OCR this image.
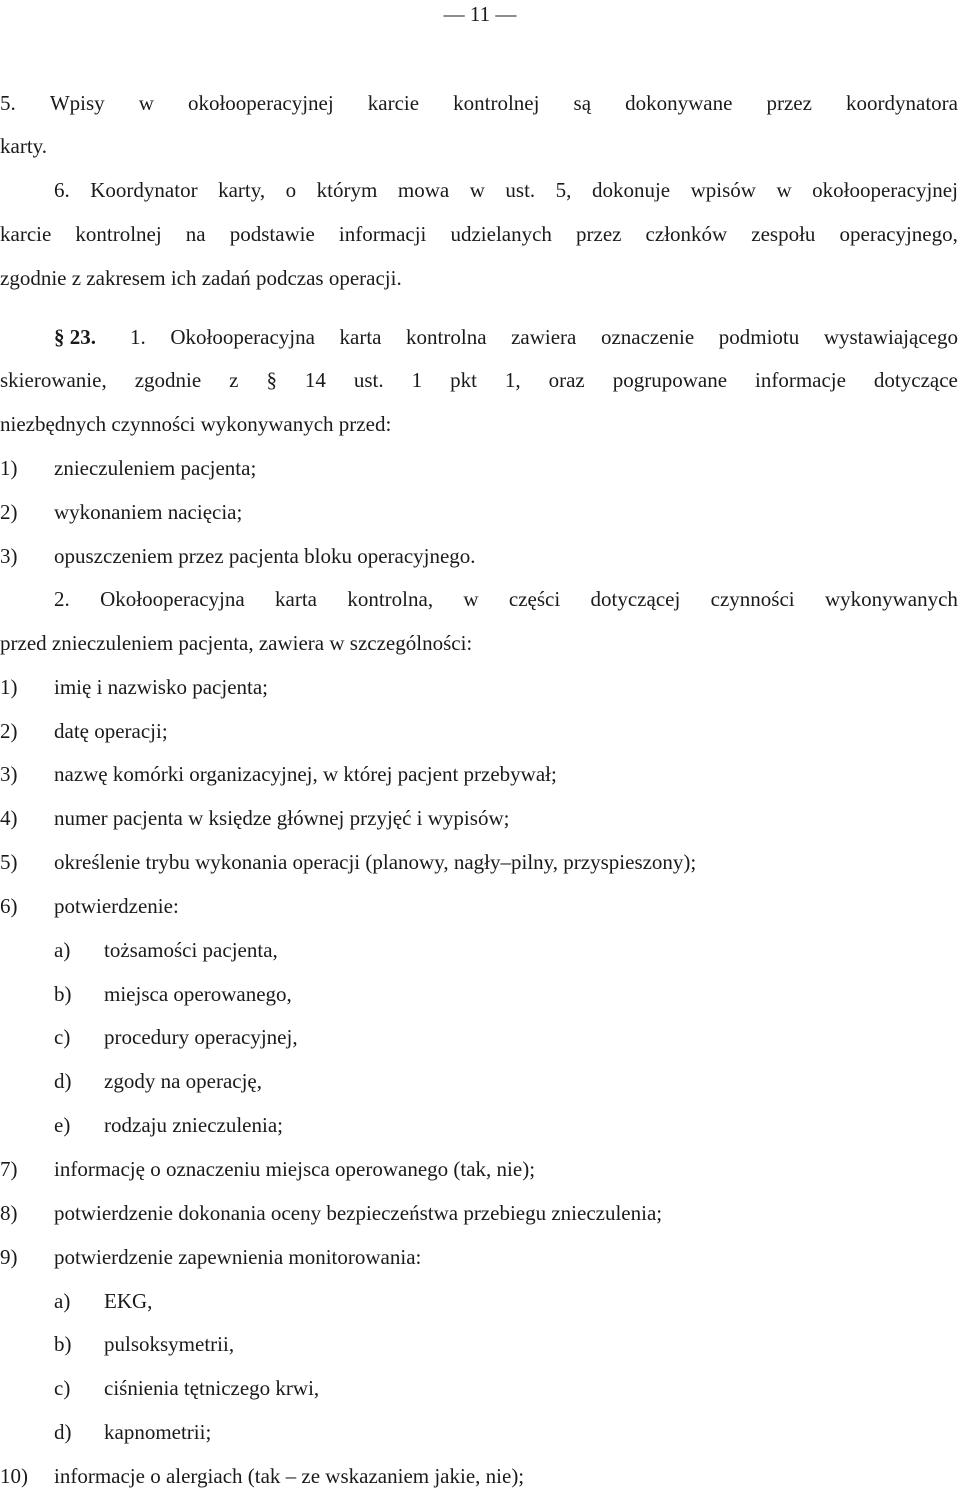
— 11 —
5. Wpisy w okołooperacyjnej karcie kontrolnej są dokonywane przez koordynatora
karty.
6. Koordynator karty, o którym mowa w ust. 5, dokonuje wpisów w okołooperacyjnej
karcie kontrolnej na podstawie informacji udzielanych przez członków zespołu operacyjnego,
zgodnie z zakresem ich zadań podczas operacji.
§ 23. 1. Okołooperacyjna karta kontrolna zawiera oznaczenie podmiotu wystawiającego
skierowanie, zgodnie z § 14 ust. 1 pkt 1, oraz pogrupowane informacje dotyczące
niezbędnych czynności wykonywanych przed:
1) znieczuleniem pacjenta;
2) wykonaniem nacięcia;
3) opuszczeniem przez pacjenta bloku operacyjnego.
2. Okołooperacyjna karta kontrolna, w części dotyczącej czynności wykonywanych
przed znieczuleniem pacjenta, zawiera w szczególności:
1) imię i nazwisko pacjenta;
2) datę operacji;
3) nazwę komórki organizacyjnej, w której pacjent przebywał;
4) numer pacjenta w księdze głównej przyjęć i wypisów;
5) określenie trybu wykonania operacji (planowy, nagły–pilny, przyspieszony);
6) potwierdzenie:
a) tożsamości pacjenta,
b) miejsca operowanego,
c) procedury operacyjnej,
d) zgody na operację,
e) rodzaju znieczulenia;
7) informację o oznaczeniu miejsca operowanego (tak, nie);
8) potwierdzenie dokonania oceny bezpieczeństwa przebiegu znieczulenia;
9) potwierdzenie zapewnienia monitorowania:
a) EKG,
b) pulsoksymetrii,
c) ciśnienia tętniczego krwi,
d) kapnometrii;
10) informacje o alergiach (tak – ze wskazaniem jakie, nie);
